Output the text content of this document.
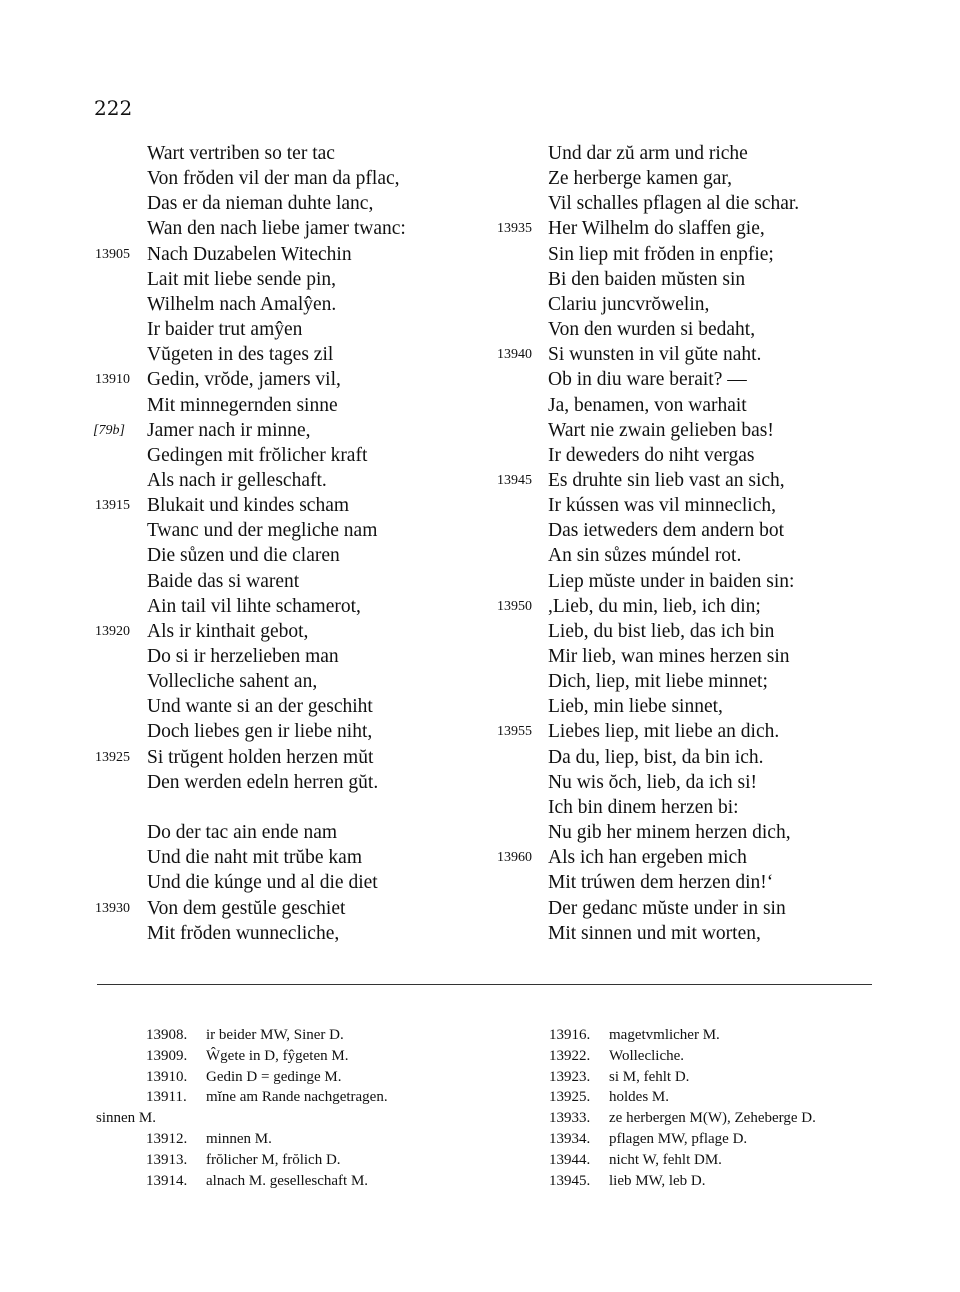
222
Wart vertriben so ter tac
Von frŏden vil der man da pflac,
Das er da nieman duhte lanc,
Wan den nach liebe jamer twanc:
13905 Nach Duzabelen Witechin
Lait mit liebe sende pin,
Wilhelm nach Amalŷen.
Ir baider trut amŷen
Vŭgeten in des tages zil
13910 Gedin, vrŏde, jamers vil,
Mit minnegernden sinne
[79b] Jamer nach ir minne,
Gedingen mit frŏlicher kraft
Als nach ir gelleschaft.
13915 Blukait und kindes scham
Twanc und der megliche nam
Die sůzen und die claren
Baide das si warent
Ain tail vil lihte schamerot,
13920 Als ir kinthait gebot,
Do si ir herzelieben man
Vollecliche sahent an,
Und wante si an der geschiht
Doch liebes gen ir liebe niht,
13925 Si trŭgent holden herzen mŭt
Den werden edeln herren gŭt.
Do der tac ain ende nam
Und die naht mit trŭbe kam
Und die kúnge und al die diet
13930 Von dem gestŭle geschiet
Mit frŏden wunnecliche,
Und dar zŭ arm und riche
Ze herberge kamen gar,
Vil schalles pflagen al die schar.
13935 Her Wilhelm do slaffen gie,
Sin liep mit frŏden in enpfie;
Bi den baiden mŭsten sin
Clariu juncvrŏwelin,
Von den wurden si bedaht,
13940 Si wunsten in vil gŭte naht.
Ob in diu ware berait? —
Ja, benamen, von warhait
Wart nie zwain gelieben bas!
Ir deweders do niht vergas
13945 Es druhte sin lieb vast an sich,
Ir kússen was vil minneclich,
Das ietweders dem andern bot
An sin sůzes múndel rot.
Liep mŭste under in baiden sin:
13950 ,Lieb, du min, lieb, ich din;
Lieb, du bist lieb, das ich bin
Mir lieb, wan mines herzen sin
Dich, liep, mit liebe minnet;
Lieb, min liebe sinnet,
13955 Liebes liep, mit liebe an dich.
Da du, liep, bist, da bin ich.
Nu wis ŏch, lieb, da ich si!
Ich bin dinem herzen bi:
Nu gib her minem herzen dich,
13960 Als ich han ergeben mich
Mit trúwen dem herzen din!‘
Der gedanc mŭste under in sin
Mit sinnen und mit worten,
13908. ir beider MW, Siner D.
13909. Ŵgete in D, fŷgeten M.
13910. Gedin D = gedinge M.
13911. mĭne am Rande nachgetragen.
sinnen M.
13912. minnen M.
13913. frŏlicher M, frŏlich D.
13914. alnach M. geselleschaft M.
13916. magetvmlicher M.
13922. Wollecliche.
13923. si M, fehlt D.
13925. holdes M.
13933. ze herbergen M(W), Zeheberge D.
13934. pflagen MW, pflage D.
13944. nicht W, fehlt DM.
13945. lieb MW, leb D.
